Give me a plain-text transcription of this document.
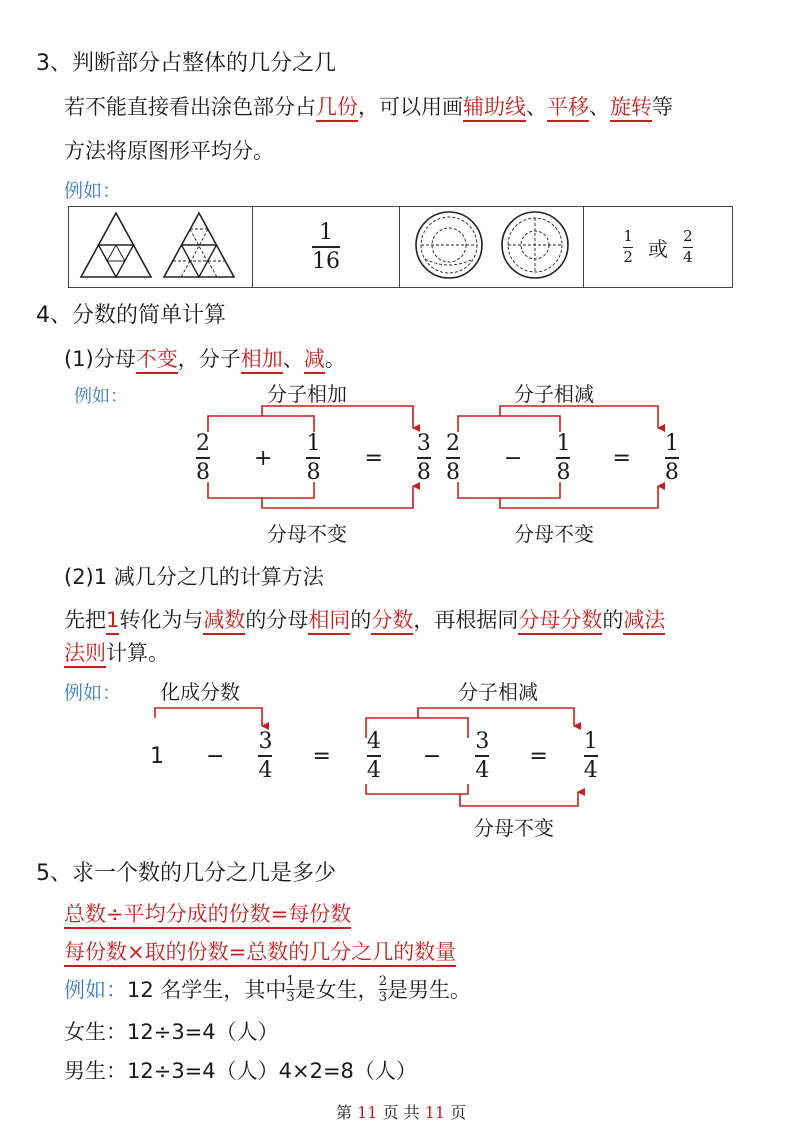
3、判断部分占整体的几分之几
若不能直接看出涂色部分占几份，可以用画辅助线、平移、旋转等
方法将原图形平均分。
例如：

$\frac{1}{16}$		$\frac{1}{2}$ 或 $\frac{2}{4}$
4、分数的简单计算
(1)分母不变，分子相加、减。
例如：	分子相加
$\frac{2}{8} + \frac{1}{8} = \frac{3}{8}$
分母不变
分子相减
$\frac{2}{8} - \frac{1}{8} = \frac{1}{8}$
分母不变
(2)1 减几分之几的计算方法
先把1转化为与减数的分母相同的分数，再根据同分母分数的减法
法则计算。
例如： 化成分数	分子相减
$1 - \frac{3}{4} = \frac{4}{4} - \frac{3}{4} = \frac{1}{4}$
分母不变
5、求一个数的几分之几是多少
总数÷平均分成的份数=每份数
每份数×取的份数=总数的几分之几的数量
例如： 12 名学生，其中 $\frac{1}{3}$ 是女生， $\frac{2}{3}$ 是男生。
女生：12÷3=4（人）
男生：12÷3=4（人）4×2=8（人）
第 11 页 共 11 页
